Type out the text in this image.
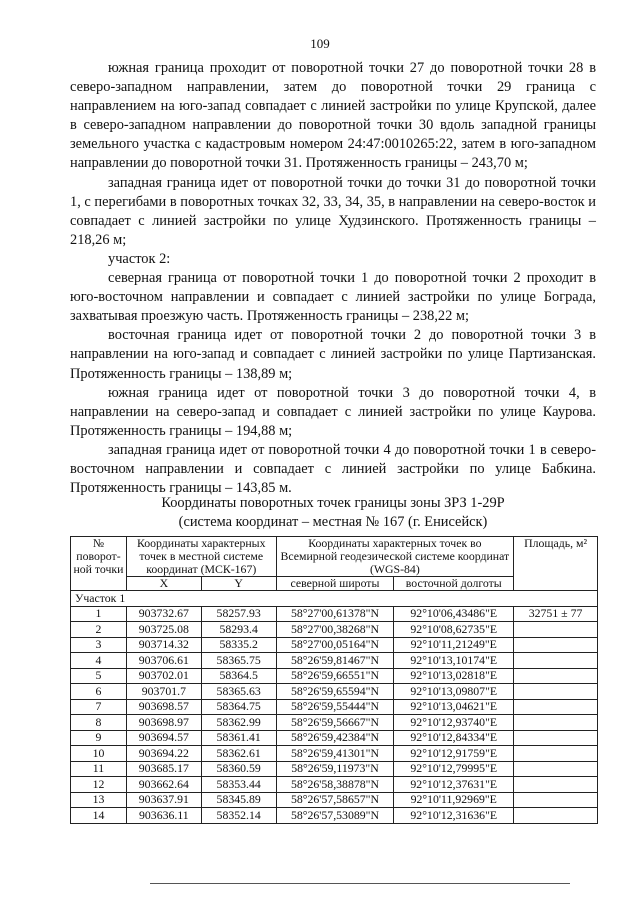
109

южная граница проходит от поворотной точки 27 до поворотной точки 28 в северо-западном направлении, затем до поворотной точки 29 граница с направлением на юго-запад совпадает с линией застройки по улице Крупской, далее в северо-западном направлении до поворотной точки 30 вдоль западной границы земельного участка с кадастровым номером 24:47:0010265:22, затем в юго-западном направлении до поворотной точки 31. Протяженность границы – 243,70 м;

западная граница идет от поворотной точки до точки 31 до поворотной точки 1, с перегибами в поворотных точках 32, 33, 34, 35, в направлении на северо-восток и совпадает с линией застройки по улице Худзинского. Протяженность границы – 218,26 м;

участок 2:

северная граница от поворотной точки 1 до поворотной точки 2 проходит в юго-восточном направлении и совпадает с линией застройки по улице Бограда, захватывая проезжую часть. Протяженность границы – 238,22 м;

восточная граница идет от поворотной точки 2 до поворотной точки 3 в направлении на юго-запад и совпадает с линией застройки по улице Партизанская. Протяженность границы – 138,89 м;

южная граница идет от поворотной точки 3 до поворотной точки 4, в направлении на северо-запад и совпадает с линией застройки по улице Каурова. Протяженность границы – 194,88 м;

западная граница идет от поворотной точки 4 до поворотной точки 1 в северо-восточном направлении и совпадает с линией застройки по улице Бабкина. Протяженность границы – 143,85 м.

Координаты поворотных точек границы зоны ЗРЗ 1-29Р
(система координат – местная № 167 (г. Енисейск)
№ поворот-ной точки	Координаты характерных точек в местной системе координат (МСК-167)		Координаты характерных точек во Всемирной геодезической системе координат (WGS-84)		Площадь, м²
	X	Y	северной широты	восточной долготы	
Участок 1					
1	903732.67	58257.93	58°27'00,61378"N	92°10'06,43486"E	32751 ± 77
2	903725.08	58293.4	58°27'00,38268"N	92°10'08,62735"E	
3	903714.32	58335.2	58°27'00,05164"N	92°10'11,21249"E	
4	903706.61	58365.75	58°26'59,81467"N	92°10'13,10174"E	
5	903702.01	58364.5	58°26'59,66551"N	92°10'13,02818"E	
6	903701.7	58365.63	58°26'59,65594"N	92°10'13,09807"E	
7	903698.57	58364.75	58°26'59,55444"N	92°10'13,04621"E	
8	903698.97	58362.99	58°26'59,56667"N	92°10'12,93740"E	
9	903694.57	58361.41	58°26'59,42384"N	92°10'12,84334"E	
10	903694.22	58362.61	58°26'59,41301"N	92°10'12,91759"E	
11	903685.17	58360.59	58°26'59,11973"N	92°10'12,79995"E	
12	903662.64	58353.44	58°26'58,38878"N	92°10'12,37631"E	
13	903637.91	58345.89	58°26'57,58657"N	92°10'11,92969"E	
14	903636.11	58352.14	58°26'57,53089"N	92°10'12,31636"E	
